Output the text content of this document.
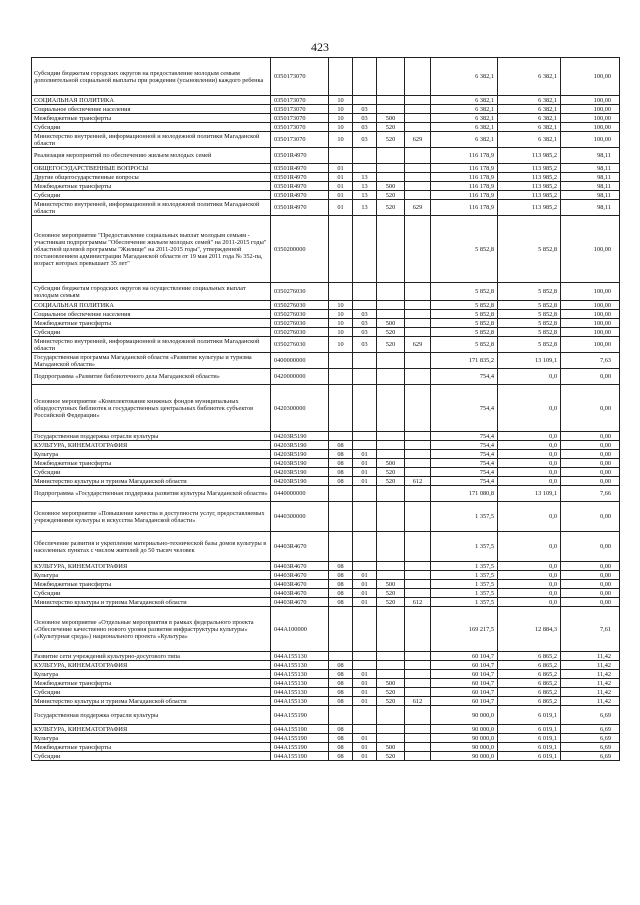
423
Субсидии бюджетам городских округов на предоставление молодым семьям дополнительной социальной выплаты при рождении (усыновлении) каждого ребенка	0350173070					6 382,1	6 382,1	100,00
СОЦИАЛЬНАЯ ПОЛИТИКА	0350173070	10				6 382,1	6 382,1	100,00
Социальное обеспечение населения	0350173070	10	03			6 382,1	6 382,1	100,00
Межбюджетные трансферты	0350173070	10	03	500		6 382,1	6 382,1	100,00
Субсидии	0350173070	10	03	520		6 382,1	6 382,1	100,00
Министерство внутренней, информационной и молодежной политики Магаданской области	0350173070	10	03	520	629	6 382,1	6 382,1	100,00
Реализация мероприятий по обеспечению жильем молодых семей	03501R4970					116 178,9	113 985,2	98,11
ОБЩЕГОСУДАРСТВЕННЫЕ ВОПРОСЫ	03501R4970	01				116 178,9	113 985,2	98,11
Другие общегосударственные вопросы	03501R4970	01	13			116 178,9	113 985,2	98,11
Межбюджетные трансферты	03501R4970	01	13	500		116 178,9	113 985,2	98,11
Субсидии	03501R4970	01	13	520		116 178,9	113 985,2	98,11
Министерство внутренней, информационной и молодежной политики Магаданской области	03501R4970	01	13	520	629	116 178,9	113 985,2	98,11
Основное мероприятие "Предоставление социальных выплат молодым семьям - участникам подпрограммы "Обеспечение жильем молодых семей" на 2011-2015 годы" областной целевой программы "Жилище" на 2011-2015 годы", утвержденной постановлением администрации Магаданской области от 19 мая 2011 года № 352-па, возраст которых превышает 35 лет"	0350200000					5 852,8	5 852,8	100,00
Субсидии бюджетам городских округов на осуществление социальных выплат молодым семьям	0350276030					5 852,8	5 852,8	100,00
СОЦИАЛЬНАЯ ПОЛИТИКА	0350276030	10				5 852,8	5 852,8	100,00
Социальное обеспечение населения	0350276030	10	03			5 852,8	5 852,8	100,00
Межбюджетные трансферты	0350276030	10	03	500		5 852,8	5 852,8	100,00
Субсидии	0350276030	10	03	520		5 852,8	5 852,8	100,00
Министерство внутренней, информационной и молодежной политики Магаданской области	0350276030	10	03	520	629	5 852,8	5 852,8	100,00
Государственная программа Магаданской области «Развитие культуры и туризма Магаданской области»	0400000000					171 835,2	13 109,1	7,63
Подпрограмма «Развитие библиотечного дела Магаданской области»	0420000000					754,4	0,0	0,00
Основное мероприятие «Комплектование книжных фондов муниципальных общедоступных библиотек и государственных центральных библиотек субъектов Российской Федерации»	0420300000					754,4	0,0	0,00
Государственная поддержка отрасли культуры	04203R5190					754,4	0,0	0,00
КУЛЬТУРА, КИНЕМАТОГРАФИЯ	04203R5190	08				754,4	0,0	0,00
Культура	04203R5190	08	01			754,4	0,0	0,00
Межбюджетные трансферты	04203R5190	08	01	500		754,4	0,0	0,00
Субсидии	04203R5190	08	01	520		754,4	0,0	0,00
Министерство культуры и туризма Магаданской области	04203R5190	08	01	520	612	754,4	0,0	0,00
Подпрограмма «Государственная поддержка развития культуры Магаданской области»	0440000000					171 080,8	13 109,1	7,66
Основное мероприятие «Повышение качества и доступности услуг, предоставляемых учреждениями культуры и искусства Магаданской области»	0440300000					1 357,5	0,0	0,00
Обеспечение развития и укрепления материально-технической базы домов культуры в населенных пунктах с числом жителей до 50 тысяч человек	04403R4670					1 357,5	0,0	0,00
КУЛЬТУРА, КИНЕМАТОГРАФИЯ	04403R4670	08				1 357,5	0,0	0,00
Культура	04403R4670	08	01			1 357,5	0,0	0,00
Межбюджетные трансферты	04403R4670	08	01	500		1 357,5	0,0	0,00
Субсидии	04403R4670	08	01	520		1 357,5	0,0	0,00
Министерство культуры и туризма Магаданской области	04403R4670	08	01	520	612	1 357,5	0,0	0,00
Основное мероприятие «Отдельные мероприятия в рамках федерального проекта «Обеспечение качественно нового уровня развития инфраструктуры культуры» («Культурная среда») национального проекта «Культура»	044A100000					169 217,5	12 884,3	7,61
Развитие сети учреждений культурно-досугового типа	044A155130					60 104,7	6 865,2	11,42
КУЛЬТУРА, КИНЕМАТОГРАФИЯ	044A155130	08				60 104,7	6 865,2	11,42
Культура	044A155130	08	01			60 104,7	6 865,2	11,42
Межбюджетные трансферты	044A155130	08	01	500		60 104,7	6 865,2	11,42
Субсидии	044A155130	08	01	520		60 104,7	6 865,2	11,42
Министерство культуры и туризма Магаданской области	044A155130	08	01	520	612	60 104,7	6 865,2	11,42
Государственная поддержка отрасли культуры	044A155190					90 000,0	6 019,1	6,69
КУЛЬТУРА, КИНЕМАТОГРАФИЯ	044A155190	08				90 000,0	6 019,1	6,69
Культура	044A155190	08	01			90 000,0	6 019,1	6,69
Межбюджетные трансферты	044A155190	08	01	500		90 000,0	6 019,1	6,69
Субсидии	044A155190	08	01	520		90 000,0	6 019,1	6,69
